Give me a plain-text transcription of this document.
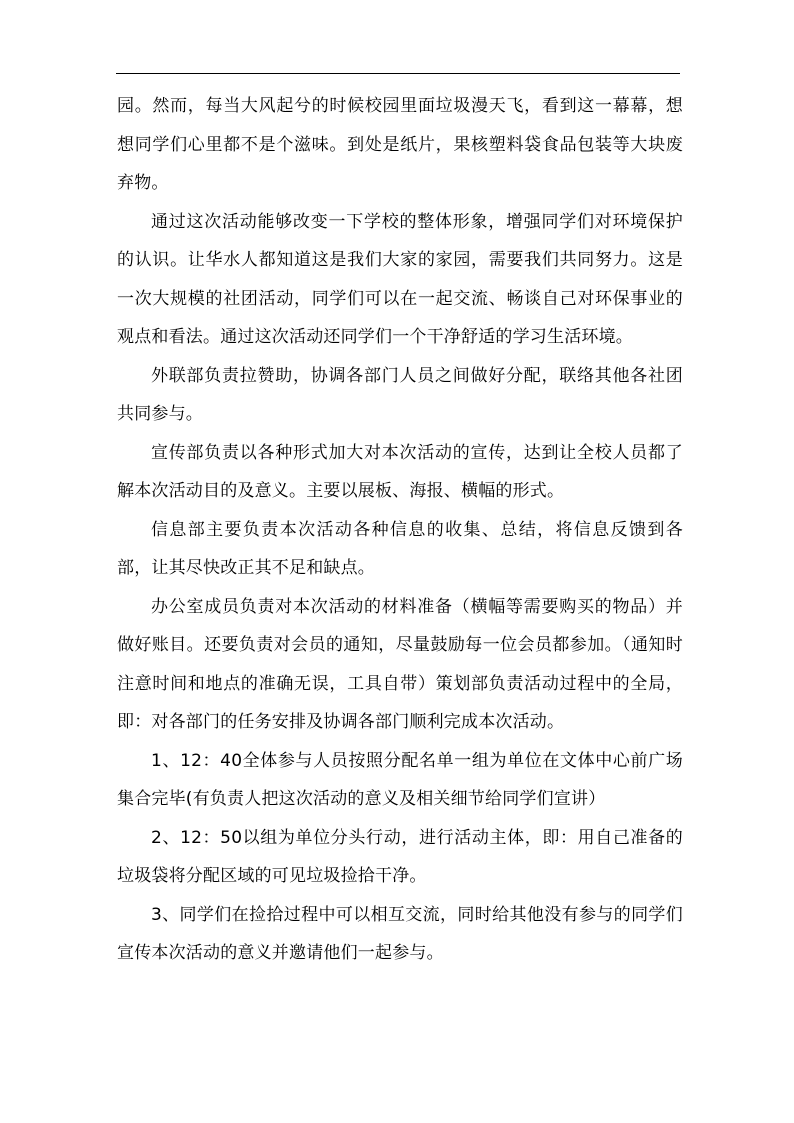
园。然而，每当大风起兮的时候校园里面垃圾漫天飞，看到这一幕幕，想想同学们心里都不是个滋味。到处是纸片，果核塑料袋食品包装等大块废弃物。

通过这次活动能够改变一下学校的整体形象，增强同学们对环境保护的认识。让华水人都知道这是我们大家的家园，需要我们共同努力。这是一次大规模的社团活动，同学们可以在一起交流、畅谈自己对环保事业的观点和看法。通过这次活动还同学们一个干净舒适的学习生活环境。

外联部负责拉赞助，协调各部门人员之间做好分配，联络其他各社团共同参与。

宣传部负责以各种形式加大对本次活动的宣传，达到让全校人员都了解本次活动目的及意义。主要以展板、海报、横幅的形式。

信息部主要负责本次活动各种信息的收集、总结，将信息反馈到各部，让其尽快改正其不足和缺点。

办公室成员负责对本次活动的材料准备（横幅等需要购买的物品）并做好账目。还要负责对会员的通知，尽量鼓励每一位会员都参加。（通知时注意时间和地点的准确无误，工具自带）策划部负责活动过程中的全局，即：对各部门的任务安排及协调各部门顺利完成本次活动。

1、12：40全体参与人员按照分配名单一组为单位在文体中心前广场集合完毕(有负责人把这次活动的意义及相关细节给同学们宣讲）

2、12：50以组为单位分头行动，进行活动主体，即：用自己准备的垃圾袋将分配区域的可见垃圾捡拾干净。

3、同学们在捡拾过程中可以相互交流，同时给其他没有参与的同学们宣传本次活动的意义并邀请他们一起参与。
